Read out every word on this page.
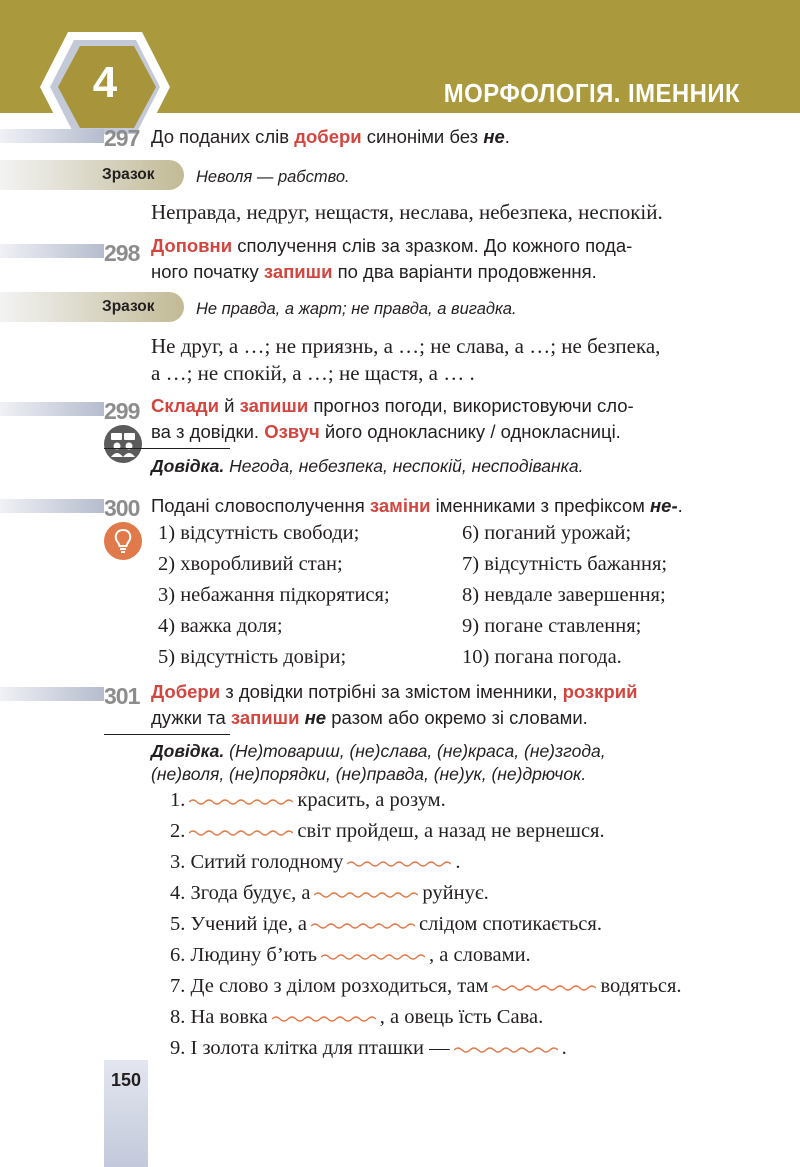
4	МОРФОЛОГІЯ. ІМЕННИК
297 До поданих слів добери синоніми без не.
Зразок	Неволя — рабство.
Неправда, недруг, нещастя, неслава, небезпека, неспокій.
298 Доповни сполучення слів за зразком. До кожного пода-
ного початку запиши по два варіанти продовження.
Зразок	Не правда, а жарт; не правда, а вигадка.
Не друг, а …; не приязнь, а …; не слава, а …; не безпека,
а …; не спокій, а …; не щастя, а … .
299 Склади й запиши прогноз погоди, використовуючи сло-
ва з довідки. Озвуч його однокласнику / однокласниці.
Довідка. Негода, небезпека, неспокій, несподіванка.
300 Подані словосполучення заміни іменниками з префіксом не-.
1) відсутність свободи;
2) хворобливий стан;
3) небажання підкорятися;
4) важка доля;
5) відсутність довіри;
6) поганий урожай;
7) відсутність бажання;
8) невдале завершення;
9) погане ставлення;
10) погана погода.
301 Добери з довідки потрібні за змістом іменники, розкрий
дужки та запиши не разом або окремо зі словами.
Довідка. (Не)товариш, (не)слава, (не)краса, (не)згода,
(не)воля, (не)порядки, (не)правда, (не)ук, (не)дрючок.
1.	красить, а розум.
2.	світ пройдеш, а назад не вернешся.
3. Ситий голодному	.
4. Згода будує, а	руйнує.
5. Учений іде, а	слідом спотикається.
6. Людину б’ють	, а словами.
7. Де слово з ділом розходиться, там	водяться.
8. На вовка	, а овець їсть Сава.
9. І золота клітка для пташки —	.
150
